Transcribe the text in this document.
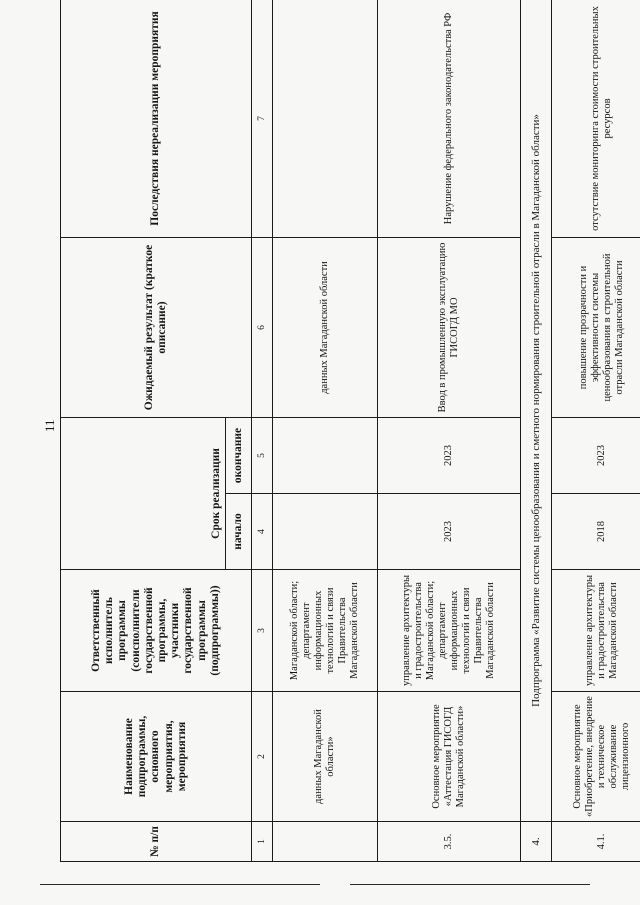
11
№ п/п	Наименование подпрограммы, основного мероприятия, мероприятия	Ответственный исполнитель программы (соисполнители государственной программы, участники государственной программы (подпрограммы))	Срок реализации		Ожидаемый результат (краткое описание)	Последствия нереализации мероприятия
			начало	окончание		
1	2	3	4	5	6	7
	данных Магаданской области»	Магаданской области; департамент информационных технологий и связи Правительства Магаданской области			данных Магаданской области	
3.5.	Основное мероприятие «Аттестация ГИСОГД Магаданской области»	управление архитектуры и градостроительства Магаданской области; департамент информационных технологий и связи Правительства Магаданской области	2023	2023	Ввод в промышленную эксплуатацию ГИСОГД МО	Нарушение федерального законодательства РФ
4.	Подпрограмма «Развитие системы ценообразования и сметного нормирования строительной отрасли в Магаданской области»					
4.1.	Основное мероприятие «Приобретение, внедрение и техническое обслуживание лицензионного	управление архитектуры и градостроительства Магаданской области	2018	2023	повышение прозрачности и эффективности системы ценообразования в строительной отрасли Магаданской области	отсутствие мониторинга стоимости строительных ресурсов
